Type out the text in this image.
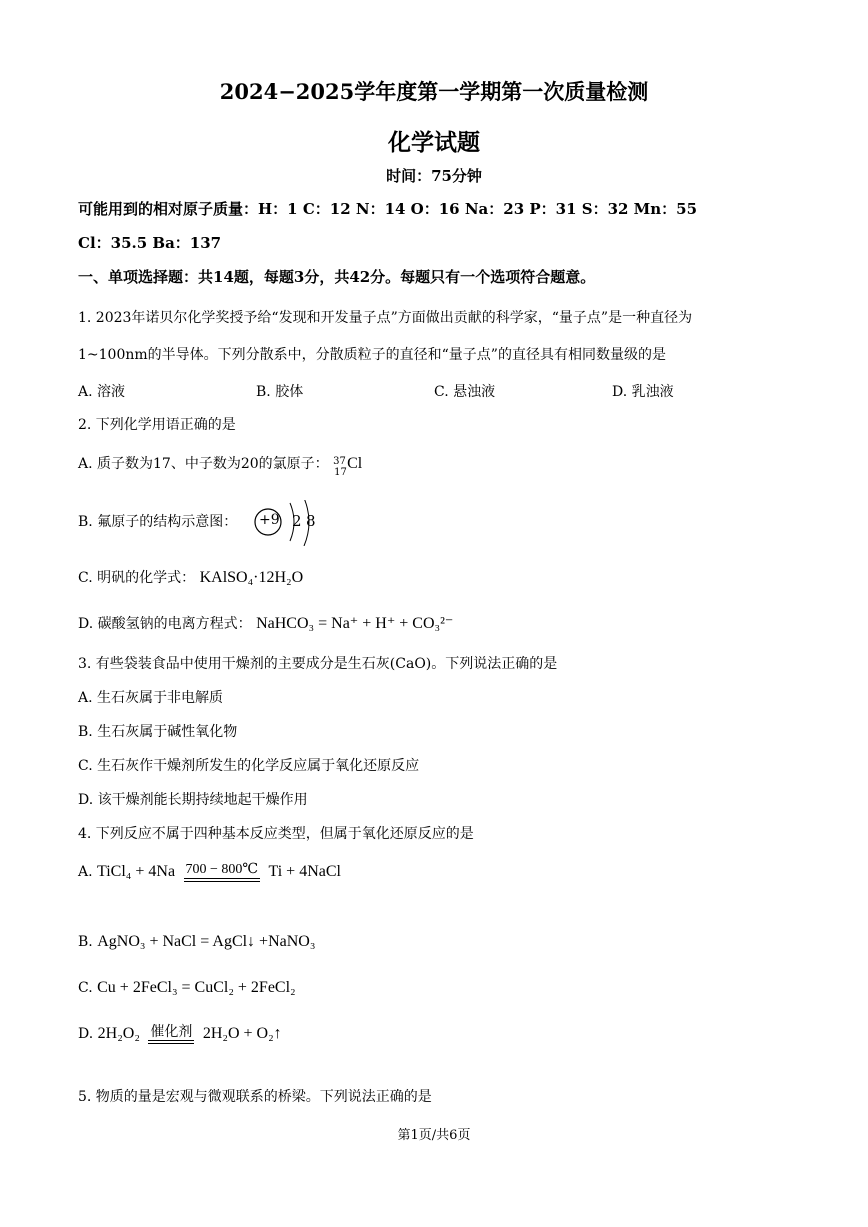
2024−2025学年度第一学期第一次质量检测
化学试题
时间：75分钟
可能用到的相对原子质量：H：1 C：12 N：14 O：16 Na：23 P：31 S：32 Mn：55
Cl：35.5 Ba：137
一、单项选择题：共14题，每题3分，共42分。每题只有一个选项符合题意。
1. 2023年诺贝尔化学奖授予给“发现和开发量子点”方面做出贡献的科学家，“量子点”是一种直径为
1~100nm的半导体。下列分散系中，分散质粒子的直径和“量子点”的直径具有相同数量级的是
A. 溶液	B. 胶体	C. 悬浊液	D. 乳浊液
2. 下列化学用语正确的是
A. 质子数为17、中子数为20的氯原子： 37
17
Cl
B. 氟原子的结构示意图： +9 2 8
C. 明矾的化学式： KAlSO₄·12H₂O
D. 碳酸氢钠的电离方程式： NaHCO₃ = Na⁺ + H⁺ + CO₃²⁻
3. 有些袋装食品中使用干燥剂的主要成分是生石灰(CaO)。下列说法正确的是
A. 生石灰属于非电解质
B. 生石灰属于碱性氧化物
C. 生石灰作干燥剂所发生的化学反应属于氧化还原反应
D. 该干燥剂能长期持续地起干燥作用
4. 下列反应不属于四种基本反应类型，但属于氧化还原反应的是
A. TiCl₄ + 4Na 700 − 800℃ Ti + 4NaCl
B. AgNO₃ + NaCl = AgCl↓ +NaNO₃
C. Cu + 2FeCl₃ = CuCl₂ + 2FeCl₂
D. 2H₂O₂ 催化剂 2H₂O + O₂↑
5. 物质的量是宏观与微观联系的桥梁。下列说法正确的是
第1页/共6页
